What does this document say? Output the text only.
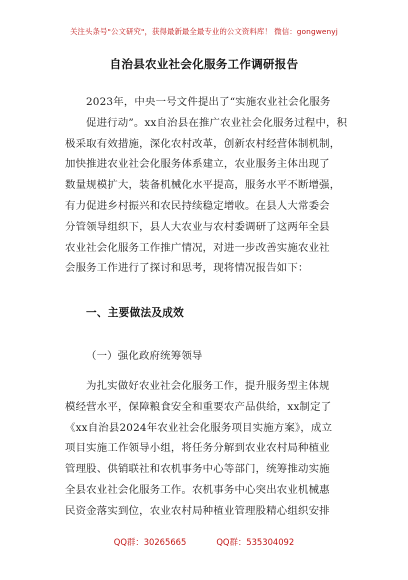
关注头条号"公文研究"，获得最新最全最专业的公文资料库！ 微信：gongwenyj
自治县农业社会化服务工作调研报告
2023年，中央一号文件提出了“实施农业社会化服务
促进行动”。xx自治县在推广农业社会化服务过程中，积
极采取有效措施，深化农村改革，创新农村经营体制机制，
加快推进农业社会化服务体系建立，农业服务主体出现了
数量规模扩大，装备机械化水平提高，服务水平不断增强，
有力促进乡村振兴和农民持续稳定增收。在县人大常委会
分管领导组织下，县人大农业与农村委调研了这两年全县
农业社会化服务工作推广情况，对进一步改善实施农业社
会服务工作进行了探讨和思考，现将情况报告如下：
一、主要做法及成效
（一）强化政府统筹领导
为扎实做好农业社会化服务工作，提升服务型主体规
模经营水平，保障粮食安全和重要农产品供给，xx制定了
《xx自治县2024年农业社会化服务项目实施方案》，成立
项目实施工作领导小组，将任务分解到农业农村局种植业
管理股、供销联社和农机事务中心等部门，统筹推动实施
全县农业社会化服务工作。农机事务中心突出农业机械惠
民资金落实到位，农业农村局种植业管理股精心组织安排
QQ群：30265665	QQ群：535304092
